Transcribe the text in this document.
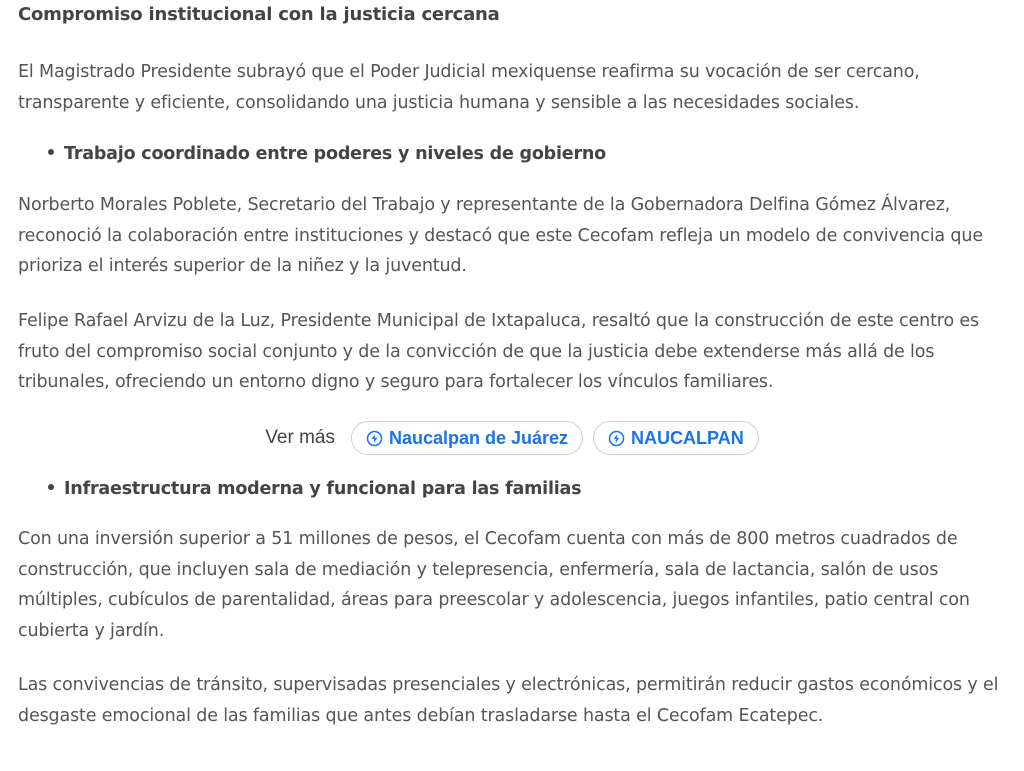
Compromiso institucional con la justicia cercana

El Magistrado Presidente subrayó que el Poder Judicial mexiquense reafirma su vocación de ser cercano, transparente y eficiente, consolidando una justicia humana y sensible a las necesidades sociales.

Trabajo coordinado entre poderes y niveles de gobierno

Norberto Morales Poblete, Secretario del Trabajo y representante de la Gobernadora Delfina Gómez Álvarez, reconoció la colaboración entre instituciones y destacó que este Cecofam refleja un modelo de convivencia que prioriza el interés superior de la niñez y la juventud.

Felipe Rafael Arvizu de la Luz, Presidente Municipal de Ixtapaluca, resaltó que la construcción de este centro es fruto del compromiso social conjunto y de la convicción de que la justicia debe extenderse más allá de los tribunales, ofreciendo un entorno digno y seguro para fortalecer los vínculos familiares.

Infraestructura moderna y funcional para las familias

Con una inversión superior a 51 millones de pesos, el Cecofam cuenta con más de 800 metros cuadrados de construcción, que incluyen sala de mediación y telepresencia, enfermería, sala de lactancia, salón de usos múltiples, cubículos de parentalidad, áreas para preescolar y adolescencia, juegos infantiles, patio central con cubierta y jardín.

Las convivencias de tránsito, supervisadas presenciales y electrónicas, permitirán reducir gastos económicos y el desgaste emocional de las familias que antes debían trasladarse hasta el Cecofam Ecatepec.

Ver más	Naucalpan de Juárez	NAUCALPAN
